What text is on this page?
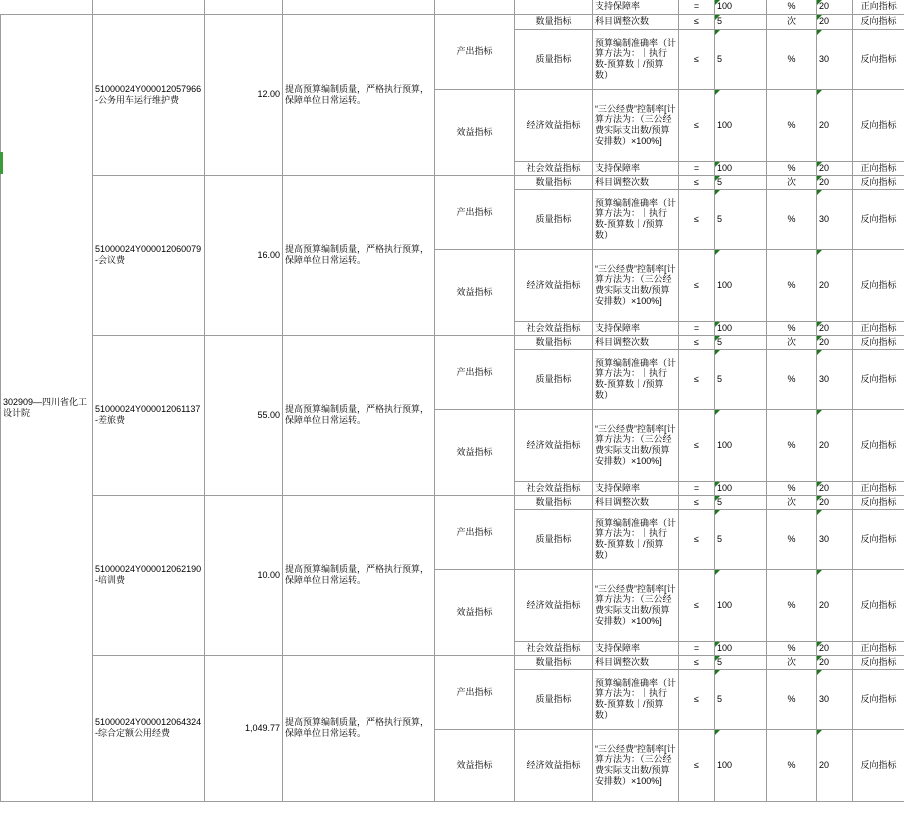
						支持保障率	=	100	%	20	正向指标
302909—四川省化工设计院	51000024Y000012057966-公务用车运行维护费	12.00	提高预算编制质量，严格执行预算，保障单位日常运转。	产出指标	数量指标	科目调整次数	≤	5	次	20	反向指标
					质量指标	预算编制准确率（计算方法为：｜执行数-预算数｜/预算数）	≤	5	%	30	反向指标
				效益指标	经济效益指标	“三公经费”控制率[计算方法为：（三公经费实际支出数/预算安排数）×100%]	≤	100	%	20	反向指标
					社会效益指标	支持保障率	=	100	%	20	正向指标
	51000024Y000012060079-会议费	16.00	提高预算编制质量，严格执行预算，保障单位日常运转。	产出指标	数量指标	科目调整次数	≤	5	次	20	反向指标
					质量指标	预算编制准确率（计算方法为：｜执行数-预算数｜/预算数）	≤	5	%	30	反向指标
				效益指标	经济效益指标	“三公经费”控制率[计算方法为：（三公经费实际支出数/预算安排数）×100%]	≤	100	%	20	反向指标
					社会效益指标	支持保障率	=	100	%	20	正向指标
	51000024Y000012061137-差旅费	55.00	提高预算编制质量，严格执行预算，保障单位日常运转。	产出指标	数量指标	科目调整次数	≤	5	次	20	反向指标
					质量指标	预算编制准确率（计算方法为：｜执行数-预算数｜/预算数）	≤	5	%	30	反向指标
				效益指标	经济效益指标	“三公经费”控制率[计算方法为：（三公经费实际支出数/预算安排数）×100%]	≤	100	%	20	反向指标
					社会效益指标	支持保障率	=	100	%	20	正向指标
	51000024Y000012062190-培训费	10.00	提高预算编制质量，严格执行预算，保障单位日常运转。	产出指标	数量指标	科目调整次数	≤	5	次	20	反向指标
					质量指标	预算编制准确率（计算方法为：｜执行数-预算数｜/预算数）	≤	5	%	30	反向指标
				效益指标	经济效益指标	“三公经费”控制率[计算方法为：（三公经费实际支出数/预算安排数）×100%]	≤	100	%	20	反向指标
					社会效益指标	支持保障率	=	100	%	20	正向指标
	51000024Y000012064324-综合定额公用经费	1,049.77	提高预算编制质量，严格执行预算，保障单位日常运转。	产出指标	数量指标	科目调整次数	≤	5	次	20	反向指标
					质量指标	预算编制准确率（计算方法为：｜执行数-预算数｜/预算数）	≤	5	%	30	反向指标
				效益指标	经济效益指标	“三公经费”控制率[计算方法为：（三公经费实际支出数/预算安排数）×100%]	≤	100	%	20	反向指标
